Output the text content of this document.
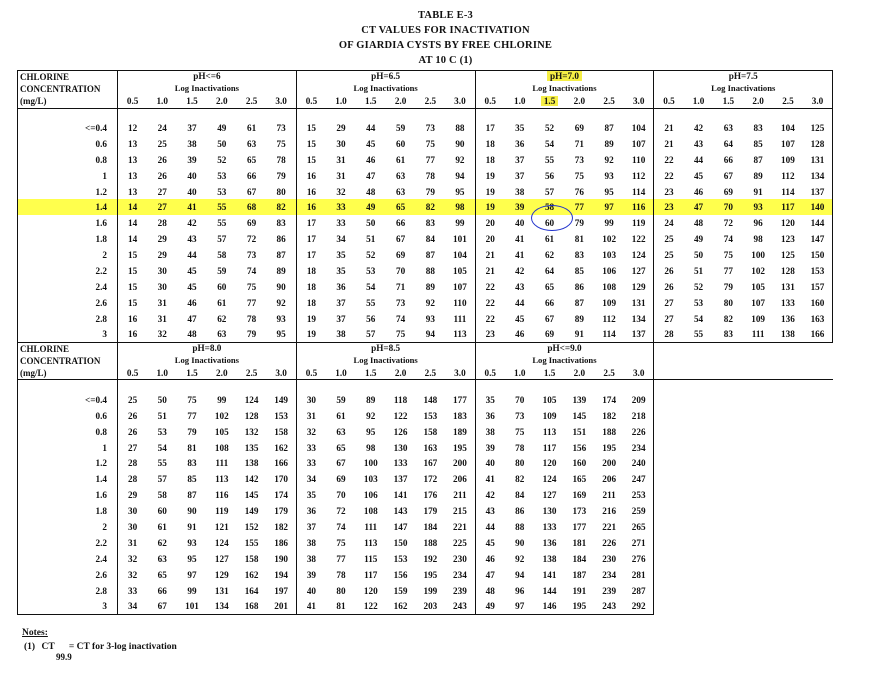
TABLE E-3
CT VALUES FOR INACTIVATION
OF GIARDIA CYSTS BY FREE CHLORINE
AT 10 C (1)
CHLORINE	pH<=6						pH=6.5						pH=7.0						pH=7.5					
CONCENTRATION	Log Inactivations						Log Inactivations						Log Inactivations						Log Inactivations					
(mg/L)	0.5	1.0	1.5	2.0	2.5	3.0	0.5	1.0	1.5	2.0	2.5	3.0	0.5	1.0	1.5	2.0	2.5	3.0	0.5	1.0	1.5	2.0	2.5	3.0

<=0.4	12	24	37	49	61	73	15	29	44	59	73	88	17	35	52	69	87	104	21	42	63	83	104	125
0.6	13	25	38	50	63	75	15	30	45	60	75	90	18	36	54	71	89	107	21	43	64	85	107	128
0.8	13	26	39	52	65	78	15	31	46	61	77	92	18	37	55	73	92	110	22	44	66	87	109	131
1	13	26	40	53	66	79	16	31	47	63	78	94	19	37	56	75	93	112	22	45	67	89	112	134
1.2	13	27	40	53	67	80	16	32	48	63	79	95	19	38	57	76	95	114	23	46	69	91	114	137
1.4	14	27	41	55	68	82	16	33	49	65	82	98	19	39	58	77	97	116	23	47	70	93	117	140
1.6	14	28	42	55	69	83	17	33	50	66	83	99	20	40	60	79	99	119	24	48	72	96	120	144
1.8	14	29	43	57	72	86	17	34	51	67	84	101	20	41	61	81	102	122	25	49	74	98	123	147
2	15	29	44	58	73	87	17	35	52	69	87	104	21	41	62	83	103	124	25	50	75	100	125	150
2.2	15	30	45	59	74	89	18	35	53	70	88	105	21	42	64	85	106	127	26	51	77	102	128	153
2.4	15	30	45	60	75	90	18	36	54	71	89	107	22	43	65	86	108	129	26	52	79	105	131	157
2.6	15	31	46	61	77	92	18	37	55	73	92	110	22	44	66	87	109	131	27	53	80	107	133	160
2.8	16	31	47	62	78	93	19	37	56	74	93	111	22	45	67	89	112	134	27	54	82	109	136	163
3	16	32	48	63	79	95	19	38	57	75	94	113	23	46	69	91	114	137	28	55	83	111	138	166
CHLORINE	pH=8.0						pH=8.5						pH<=9.0											
CONCENTRATION	Log Inactivations						Log Inactivations						Log Inactivations											
(mg/L)	0.5	1.0	1.5	2.0	2.5	3.0	0.5	1.0	1.5	2.0	2.5	3.0	0.5	1.0	1.5	2.0	2.5	3.0						

<=0.4	25	50	75	99	124	149	30	59	89	118	148	177	35	70	105	139	174	209						
0.6	26	51	77	102	128	153	31	61	92	122	153	183	36	73	109	145	182	218						
0.8	26	53	79	105	132	158	32	63	95	126	158	189	38	75	113	151	188	226						
1	27	54	81	108	135	162	33	65	98	130	163	195	39	78	117	156	195	234						
1.2	28	55	83	111	138	166	33	67	100	133	167	200	40	80	120	160	200	240						
1.4	28	57	85	113	142	170	34	69	103	137	172	206	41	82	124	165	206	247						
1.6	29	58	87	116	145	174	35	70	106	141	176	211	42	84	127	169	211	253						
1.8	30	60	90	119	149	179	36	72	108	143	179	215	43	86	130	173	216	259						
2	30	61	91	121	152	182	37	74	111	147	184	221	44	88	133	177	221	265						
2.2	31	62	93	124	155	186	38	75	113	150	188	225	45	90	136	181	226	271						
2.4	32	63	95	127	158	190	38	77	115	153	192	230	46	92	138	184	230	276						
2.6	32	65	97	129	162	194	39	78	117	156	195	234	47	94	141	187	234	281						
2.8	33	66	99	131	164	197	40	80	120	159	199	239	48	96	144	191	239	287						
3	34	67	101	134	168	201	41	81	122	162	203	243	49	97	146	195	243	292						
Notes:
(1) CT = CT for 3-log inactivation
99.9
